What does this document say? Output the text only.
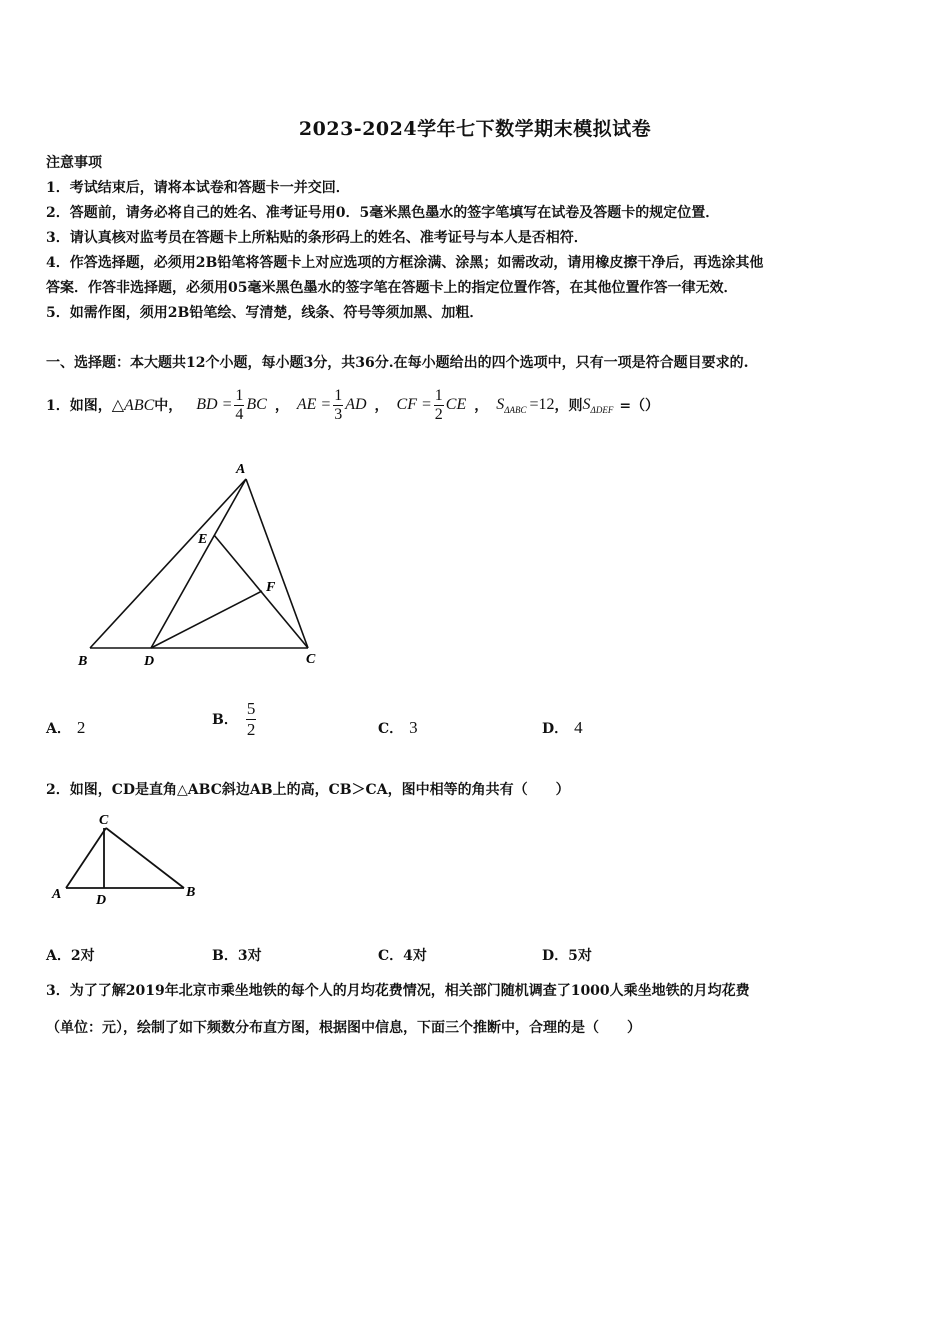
2023-2024学年七下数学期末模拟试卷
注意事项
1．考试结束后，请将本试卷和答题卡一并交回．
2．答题前，请务必将自己的姓名、准考证号用0．5毫米黑色墨水的签字笔填写在试卷及答题卡的规定位置．
3．请认真核对监考员在答题卡上所粘贴的条形码上的姓名、准考证号与本人是否相符．
4．作答选择题，必须用2B铅笔将答题卡上对应选项的方框涂满、涂黑；如需改动，请用橡皮擦干净后，再选涂其他
答案．作答非选择题，必须用05毫米黑色墨水的签字笔在答题卡上的指定位置作答，在其他位置作答一律无效．
5．如需作图，须用2B铅笔绘、写清楚，线条、符号等须加黑、加粗．
一、选择题：本大题共12个小题，每小题3分，共36分.在每小题给出的四个选项中，只有一项是符合题目要求的.
1．如图， △ABC 中， BD = $\frac{1}{4}$ BC ， AE = $\frac{1}{3}$ AD ， CF = $\frac{1}{2}$ CE ， S ΔABC =12 ，则 S ΔDEF =（）
A
E
F
B	D	C
A． 2	B． $\frac{5}{2}$	C． 3	D． 4
2．如图，CD是直角△ABC斜边AB上的高，CB＞CA，图中相等的角共有（　　）
C
A D
B
A．2对	B．3对	C．4对	D．5对
3．为了了解2019年北京市乘坐地铁的每个人的月均花费情况，相关部门随机调查了1000人乘坐地铁的月均花费
（单位：元），绘制了如下频数分布直方图，根据图中信息，下面三个推断中，合理的是（　　）
